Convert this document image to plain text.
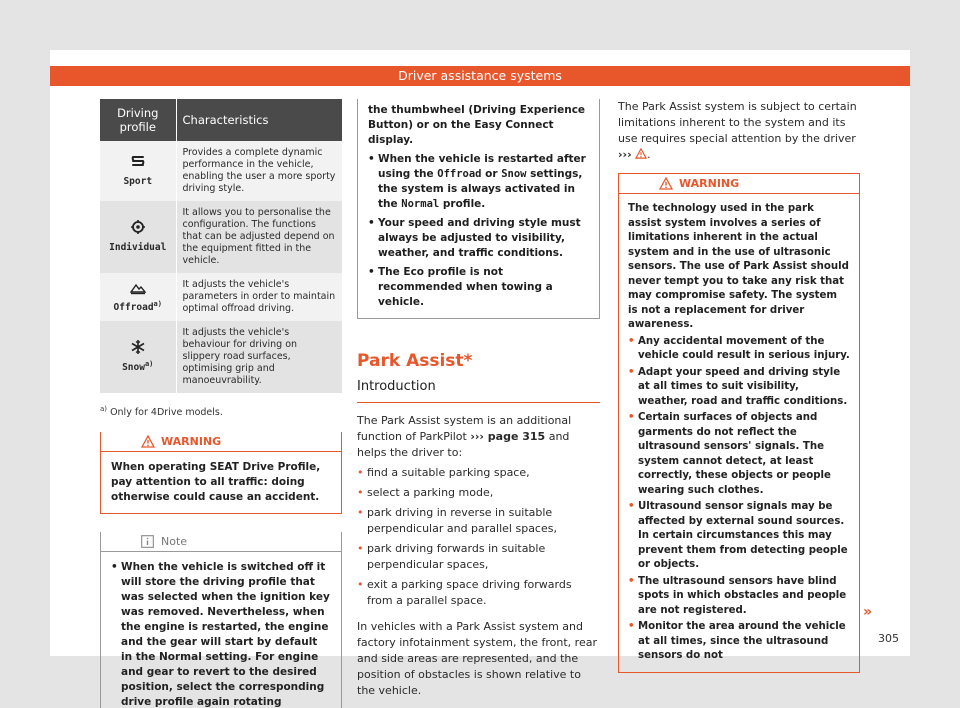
Driver assistance systems
Driving profile	Characteristics

Sport	Provides a complete dynamic performance in the vehicle, enabling the user a more sporty driving style.

Individual	It allows you to personalise the configuration. The functions that can be adjusted depend on the equipment fitted in the vehicle.

Offroad$^{a)}$	It adjusts the vehicle's parameters in order to maintain optimal offroad driving.

Snow$^{a)}$	It adjusts the vehicle's behaviour for driving on slippery road surfaces, optimising grip and manoeuvrability.
$^{a)}$ Only for 4Drive models.
WARNING
When operating SEAT Drive Profile, pay attention to all traffic: doing otherwise could cause an accident.
Note
• When the vehicle is switched off it will store the driving profile that was selected when the ignition key was removed. Nevertheless, when the engine is restarted, the engine and the gear will start by default in the Normal setting. For engine and gear to revert to the desired position, select the corresponding drive profile again rotating
the thumbwheel (Driving Experience Button) or on the Easy Connect display.
• When the vehicle is restarted after using the Offroad or Snow settings, the system is always activated in the Normal profile.
• Your speed and driving style must always be adjusted to visibility, weather, and traffic conditions.
• The Eco profile is not recommended when towing a vehicle.
Park Assist*
Introduction
The Park Assist system is an additional function of ParkPilot ››› page 315 and helps the driver to:
• find a suitable parking space,
• select a parking mode,
• park driving in reverse in suitable perpendicular and parallel spaces,
• park driving forwards in suitable perpendicular spaces,
• exit a parking space driving forwards from a parallel space.
In vehicles with a Park Assist system and factory infotainment system, the front, rear and side areas are represented, and the position of obstacles is shown relative to the vehicle.
The Park Assist system is subject to certain limitations inherent to the system and its use requires special attention by the driver ››› .
WARNING
The technology used in the park assist system involves a series of limitations inherent in the actual system and in the use of ultrasonic sensors. The use of Park Assist should never tempt you to take any risk that may compromise safety. The system is not a replacement for driver awareness.
• Any accidental movement of the vehicle could result in serious injury.
• Adapt your speed and driving style at all times to suit visibility, weather, road and traffic conditions.
• Certain surfaces of objects and garments do not reflect the ultrasound sensors' signals. The system cannot detect, at least correctly, these objects or people wearing such clothes.
• Ultrasound sensor signals may be affected by external sound sources. In certain circumstances this may prevent them from detecting people or objects.
• The ultrasound sensors have blind spots in which obstacles and people are not registered.
• Monitor the area around the vehicle at all times, since the ultrasound sensors do not
»
305
